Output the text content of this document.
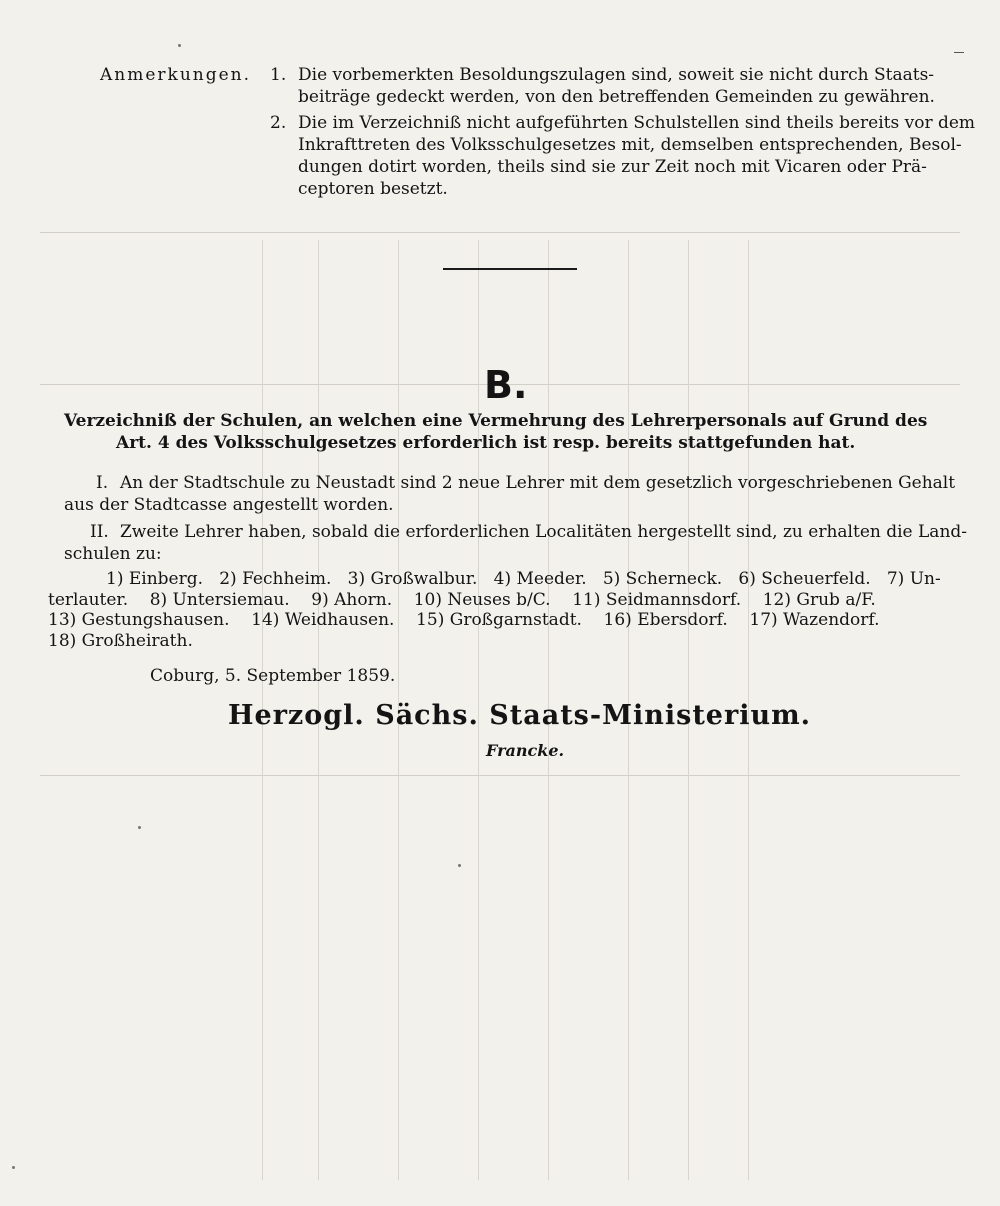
Anmerkungen. 1. Die vorbemerkten Besoldungszulagen sind, soweit sie nicht durch Staats-
beiträge gedeckt werden, von den betreffenden Gemeinden zu gewähren.
2. Die im Verzeichniß nicht aufgeführten Schulstellen sind theils bereits vor dem
Inkrafttreten des Volksschulgesetzes mit, demselben entsprechenden, Besol-
dungen dotirt worden, theils sind sie zur Zeit noch mit Vicaren oder Prä-
ceptoren besetzt.
B.
Verzeichniß der Schulen, an welchen eine Vermehrung des Lehrerpersonals auf Grund des
Art. 4 des Volksschulgesetzes erforderlich ist resp. bereits stattgefunden hat.
I. An der Stadtschule zu Neustadt sind 2 neue Lehrer mit dem gesetzlich vorgeschriebenen Gehalt
aus der Stadtcasse angestellt worden.
II. Zweite Lehrer haben, sobald die erforderlichen Localitäten hergestellt sind, zu erhalten die Land-
schulen zu:
1) Einberg.   2) Fechheim.   3) Großwalbur.   4) Meeder.   5) Scherneck.   6) Scheuerfeld.   7) Un-
terlauter.    8) Untersiemau.    9) Ahorn.    10) Neuses b/C.    11) Seidmannsdorf.    12) Grub a/F.
13) Gestungshausen.    14) Weidhausen.    15) Großgarnstadt.    16) Ebersdorf.    17) Wazendorf.
18) Großheirath.
Coburg, 5. September 1859.
Herzogl. Sächs. Staats-Ministerium.
Francke.
